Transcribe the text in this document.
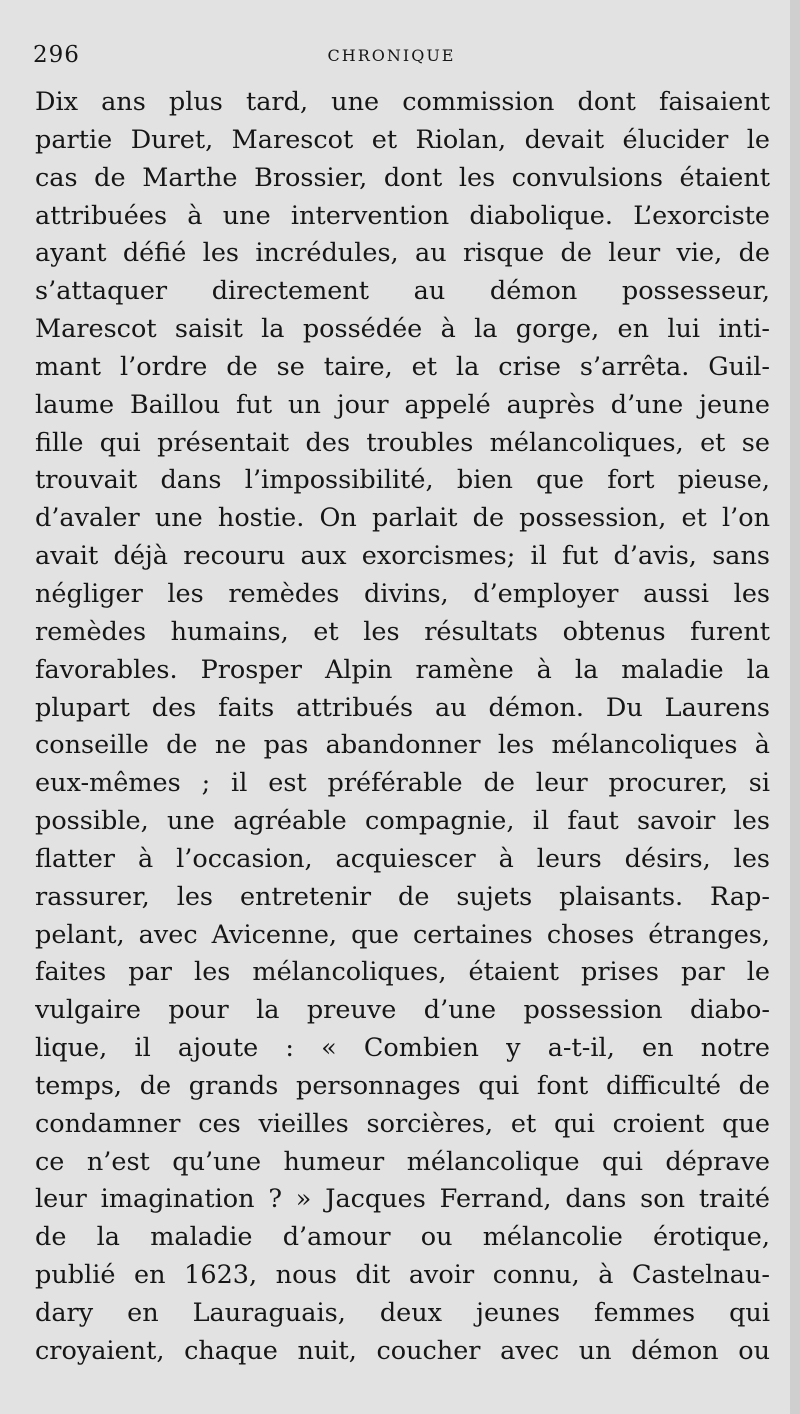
296	CHRONIQUE
Dix ans plus tard, une commission dont faisaient
partie Duret, Marescot et Riolan, devait élucider le
cas de Marthe Brossier, dont les convulsions étaient
attribuées à une intervention diabolique. L’exorciste
ayant défié les incrédules, au risque de leur vie, de
s’attaquer directement au démon possesseur,
Marescot saisit la possédée à la gorge, en lui inti-
mant l’ordre de se taire, et la crise s’arrêta. Guil-
laume Baillou fut un jour appelé auprès d’une jeune
fille qui présentait des troubles mélancoliques, et se
trouvait dans l’impossibilité, bien que fort pieuse,
d’avaler une hostie. On parlait de possession, et l’on
avait déjà recouru aux exorcismes; il fut d’avis, sans
négliger les remèdes divins, d’employer aussi les
remèdes humains, et les résultats obtenus furent
favorables. Prosper Alpin ramène à la maladie la
plupart des faits attribués au démon. Du Laurens
conseille de ne pas abandonner les mélancoliques à
eux-mêmes ; il est préférable de leur procurer, si
possible, une agréable compagnie, il faut savoir les
flatter à l’occasion, acquiescer à leurs désirs, les
rassurer, les entretenir de sujets plaisants. Rap-
pelant, avec Avicenne, que certaines choses étranges,
faites par les mélancoliques, étaient prises par le
vulgaire pour la preuve d’une possession diabo-
lique, il ajoute : « Combien y a-t-il, en notre
temps, de grands personnages qui font difficulté de
condamner ces vieilles sorcières, et qui croient que
ce n’est qu’une humeur mélancolique qui déprave
leur imagination ? » Jacques Ferrand, dans son traité
de la maladie d’amour ou mélancolie érotique,
publié en 1623, nous dit avoir connu, à Castelnau-
dary en Lauraguais, deux jeunes femmes qui
croyaient, chaque nuit, coucher avec un démon ou
